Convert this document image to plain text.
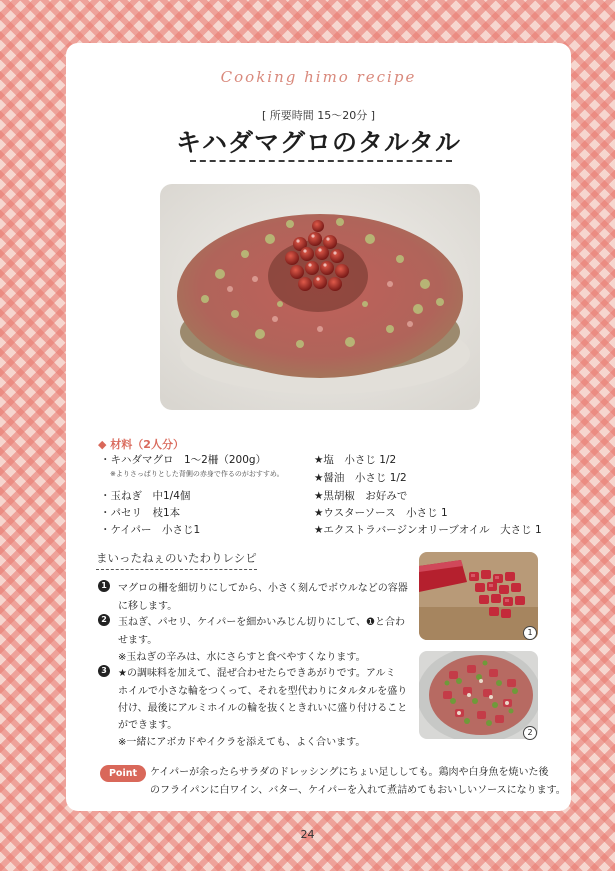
Cooking himo recipe
[ 所要時間 15～20分 ]
キハダマグロのタルタル
◆ 材料（2人分）
・キハダマグロ　1～2柵（200g）
※よりさっぱりとした背側の赤身で作るのがおすすめ。
・玉ねぎ　中1/4個
・パセリ　枝1本
・ケイパー　小さじ1
★塩　小さじ 1/2
★醤油　小さじ 1/2
★黒胡椒　お好みで
★ウスターソース　小さじ 1
★エクストラバージンオリーブオイル　大さじ 1
まいったねぇのいたわりレシピ
1	マグロの柵を細切りにしてから、小さく刻んでボウルなどの容器
に移します。
2	玉ねぎ、パセリ、ケイパーを細かいみじん切りにして、❶と合わ
せます。
※玉ねぎの辛みは、水にさらすと食べやすくなります。
3	★の調味料を加えて、混ぜ合わせたらできあがりです。アルミ
ホイルで小さな輪をつくって、それを型代わりにタルタルを盛り
付け、最後にアルミホイルの輪を抜くときれいに盛り付けること
ができます。
※一緒にアボカドやイクラを添えても、よく合います。
1
2
Point	ケイパーが余ったらサラダのドレッシングにちょい足ししても。鶏肉や白身魚を焼いた後
のフライパンに白ワイン、バター、ケイパーを入れて煮詰めてもおいしいソースになります。
24
